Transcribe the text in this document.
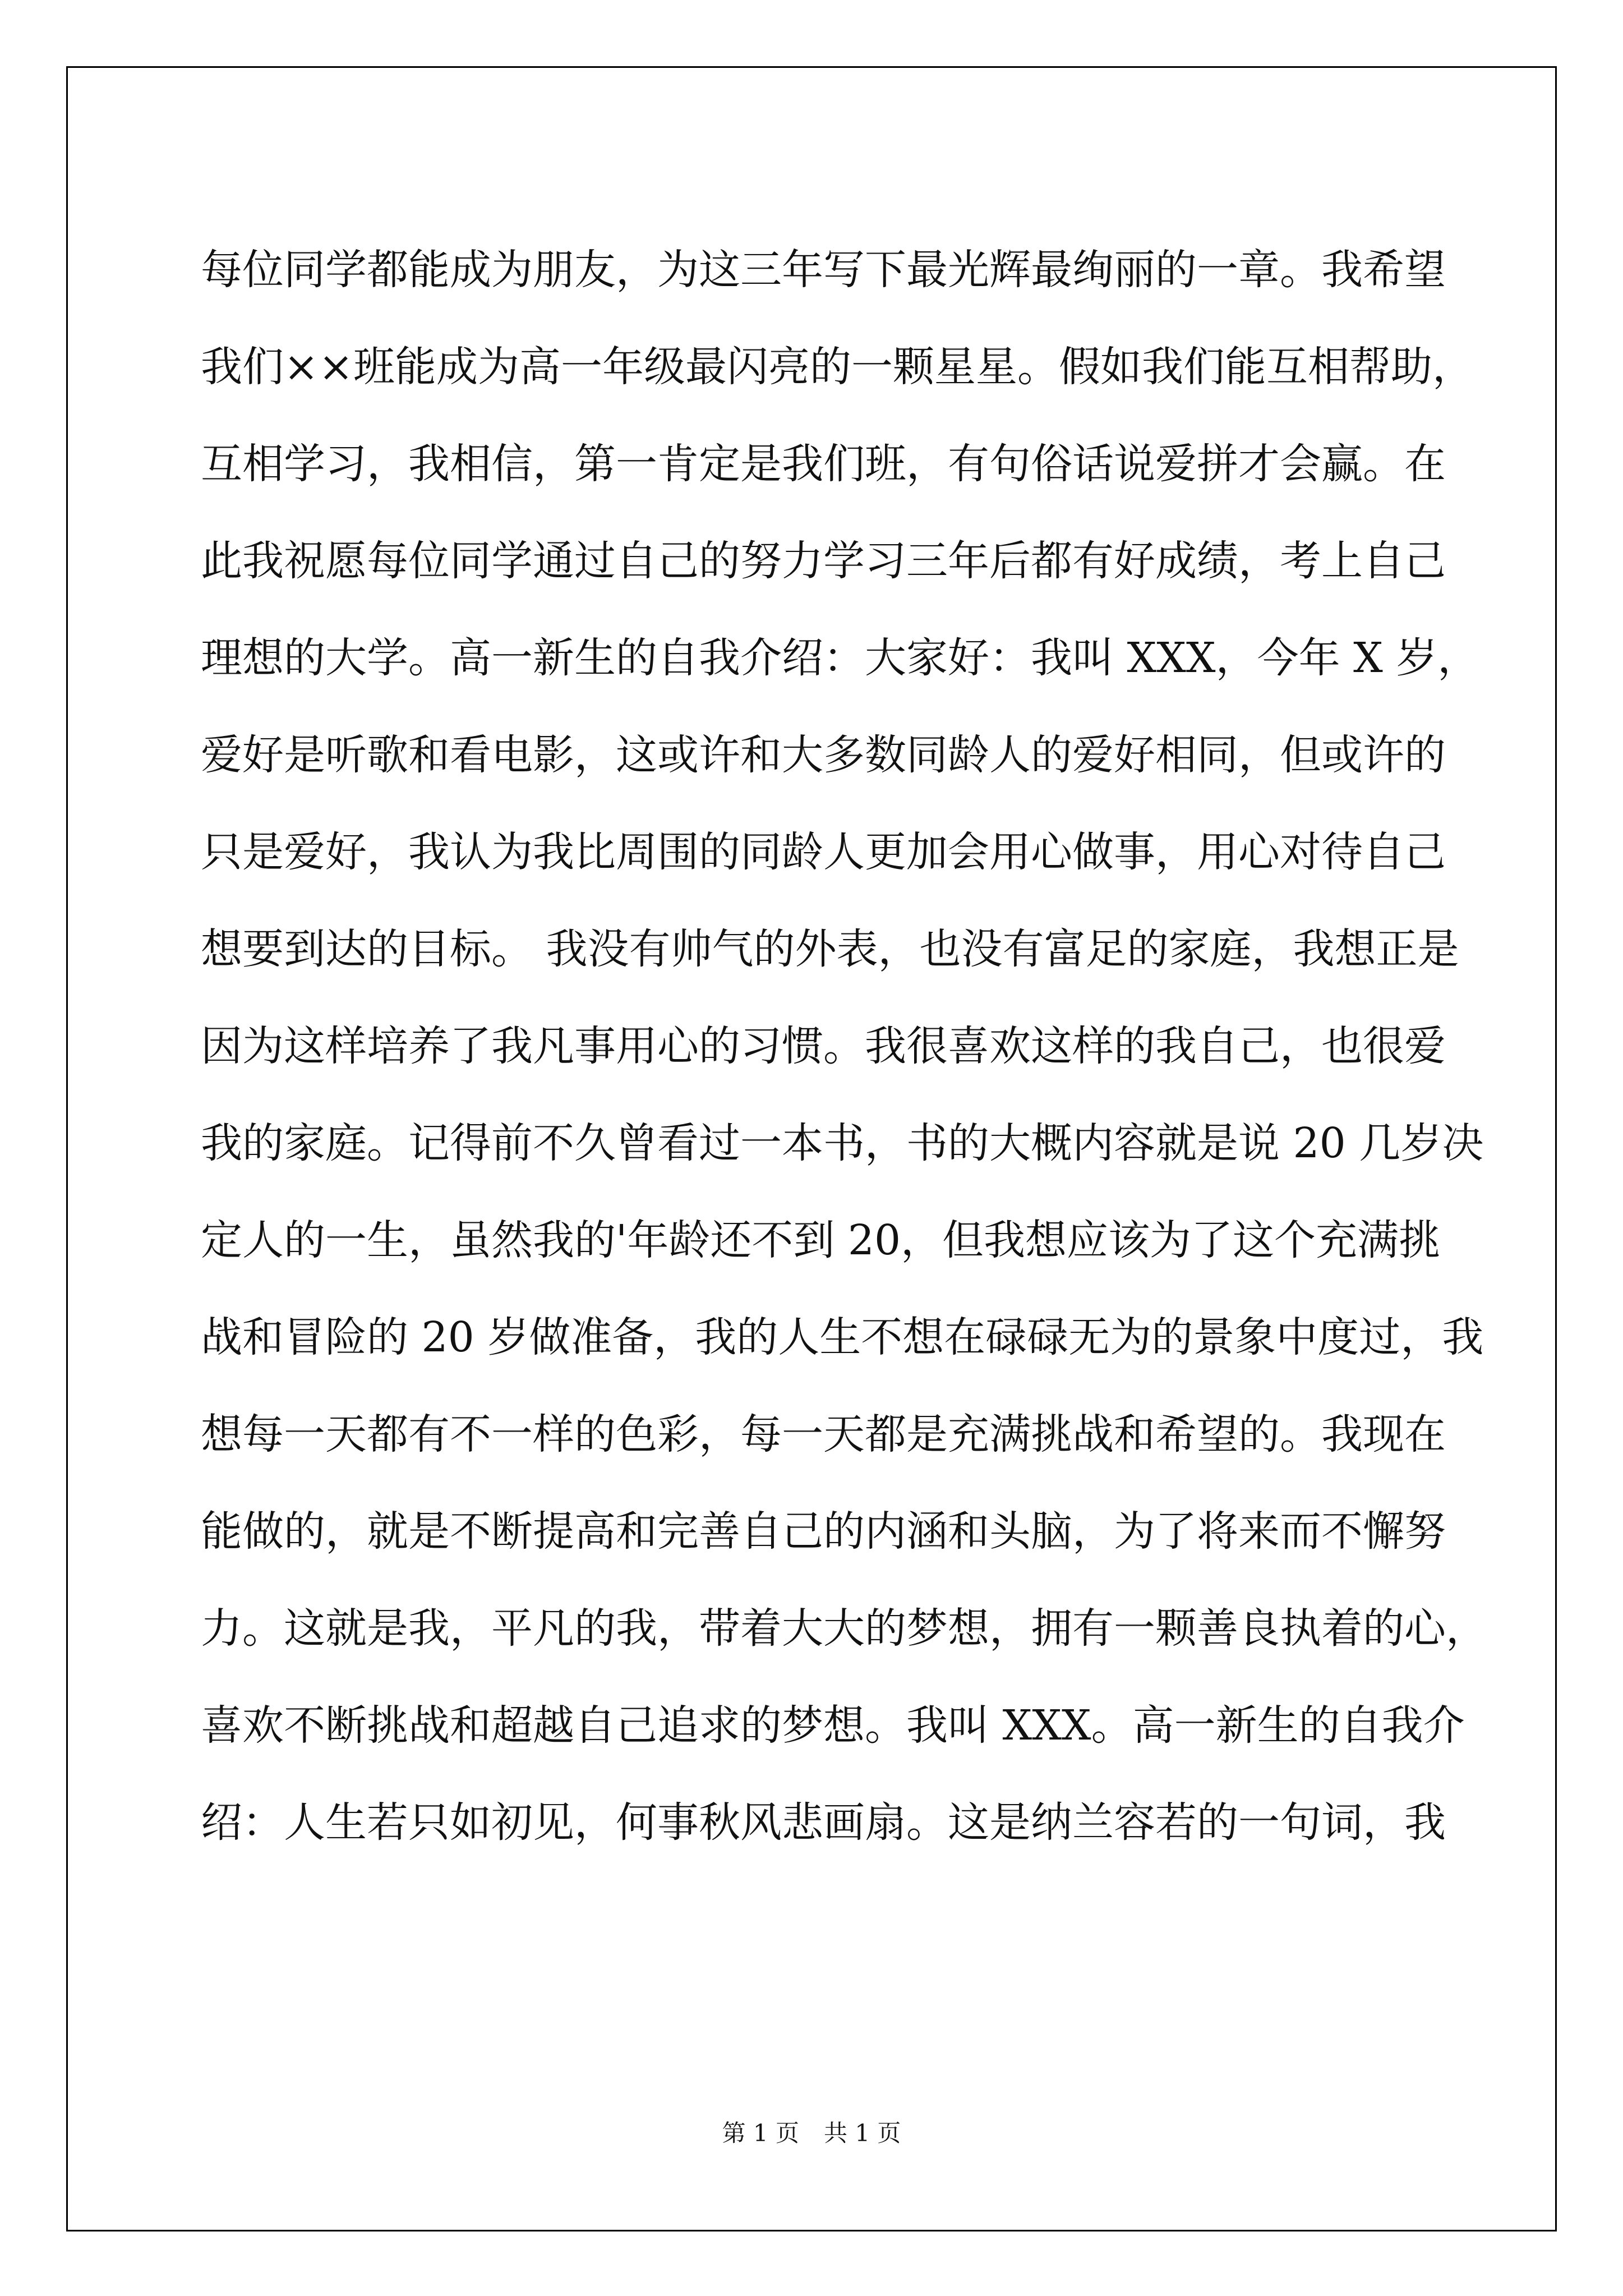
每位同学都能成为朋友，为这三年写下最光辉最绚丽的一章。我希望
我们××班能成为高一年级最闪亮的一颗星星。假如我们能互相帮助，
互相学习，我相信，第一肯定是我们班，有句俗话说爱拼才会赢。在
此我祝愿每位同学通过自己的努力学习三年后都有好成绩，考上自己
理想的大学。高一新生的自我介绍：大家好：我叫 XXX，今年 X 岁，
爱好是听歌和看电影，这或许和大多数同龄人的爱好相同，但或许的
只是爱好，我认为我比周围的同龄人更加会用心做事，用心对待自己
想要到达的目标。 我没有帅气的外表，也没有富足的家庭，我想正是
因为这样培养了我凡事用心的习惯。我很喜欢这样的我自己，也很爱
我的家庭。记得前不久曾看过一本书，书的大概内容就是说 20 几岁决
定人的一生，虽然我的'年龄还不到 20，但我想应该为了这个充满挑
战和冒险的 20 岁做准备，我的人生不想在碌碌无为的景象中度过，我
想每一天都有不一样的色彩，每一天都是充满挑战和希望的。我现在
能做的，就是不断提高和完善自己的内涵和头脑，为了将来而不懈努
力。这就是我，平凡的我，带着大大的梦想，拥有一颗善良执着的心，
喜欢不断挑战和超越自己追求的梦想。我叫 XXX。高一新生的自我介
绍：人生若只如初见，何事秋风悲画扇。这是纳兰容若的一句词，我
第 1 页 共 1 页
